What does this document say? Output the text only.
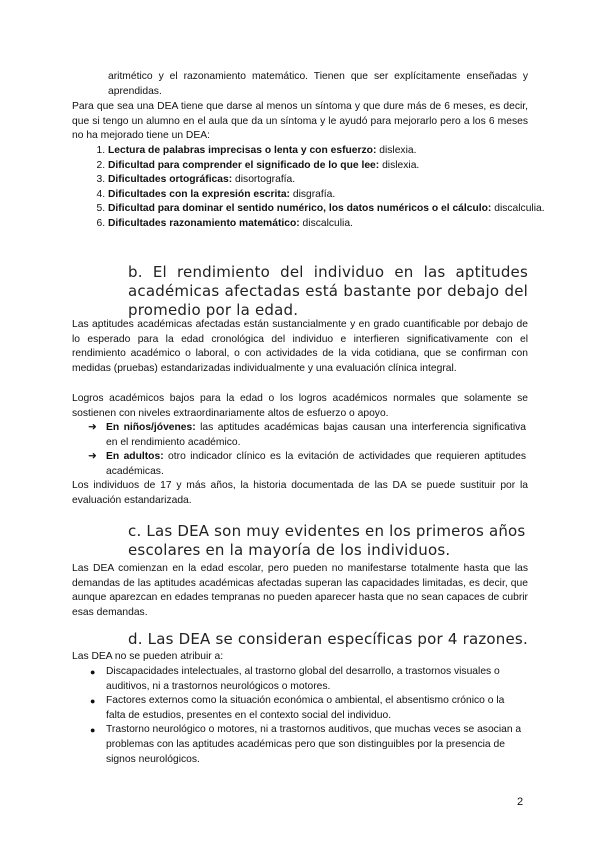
aritmético y el razonamiento matemático. Tienen que ser explícitamente enseñadas y aprendidas.

Para que sea una DEA tiene que darse al menos un síntoma y que dure más de 6 meses, es decir, que si tengo un alumno en el aula que da un síntoma y le ayudó para mejorarlo pero a los 6 meses no ha mejorado tiene un DEA:

1. Lectura de palabras imprecisas o lenta y con esfuerzo: dislexia.
2. Dificultad para comprender el significado de lo que lee: dislexia.
3. Dificultades ortográficas: disortografía.
4. Dificultades con la expresión escrita: disgrafía.
5. Dificultad para dominar el sentido numérico, los datos numéricos o el cálculo: discalculia.
6. Dificultades razonamiento matemático: discalculia.
b. El rendimiento del individuo en las aptitudes académicas afectadas está bastante por debajo del promedio por la edad.

Las aptitudes académicas afectadas están sustancialmente y en grado cuantificable por debajo de lo esperado para la edad cronológica del individuo e interfieren significativamente con el rendimiento académico o laboral, o con actividades de la vida cotidiana, que se confirman con medidas (pruebas) estandarizadas individualmente y una evaluación clínica integral.

Logros académicos bajos para la edad o los logros académicos normales que solamente se sostienen con niveles extraordinariamente altos de esfuerzo o apoyo.

➜ En niños/jóvenes: las aptitudes académicas bajas causan una interferencia significativa en el rendimiento académico.
➜ En adultos: otro indicador clínico es la evitación de actividades que requieren aptitudes académicas.

Los individuos de 17 y más años, la historia documentada de las DA se puede sustituir por la evaluación estandarizada.

c. Las DEA son muy evidentes en los primeros años escolares en la mayoría de los individuos.

Las DEA comienzan en la edad escolar, pero pueden no manifestarse totalmente hasta que las demandas de las aptitudes académicas afectadas superan las capacidades limitadas, es decir, que aunque aparezcan en edades tempranas no pueden aparecer hasta que no sean capaces de cubrir esas demandas.

d. Las DEA se consideran específicas por 4 razones.

Las DEA no se pueden atribuir a:

● Discapacidades intelectuales, al trastorno global del desarrollo, a trastornos visuales o auditivos, ni a trastornos neurológicos o motores.
● Factores externos como la situación económica o ambiental, el absentismo crónico o la falta de estudios, presentes en el contexto social del individuo.
● Trastorno neurológico o motores, ni a trastornos auditivos, que muchas veces se asocian a problemas con las aptitudes académicas pero que son distinguibles por la presencia de signos neurológicos.
2
